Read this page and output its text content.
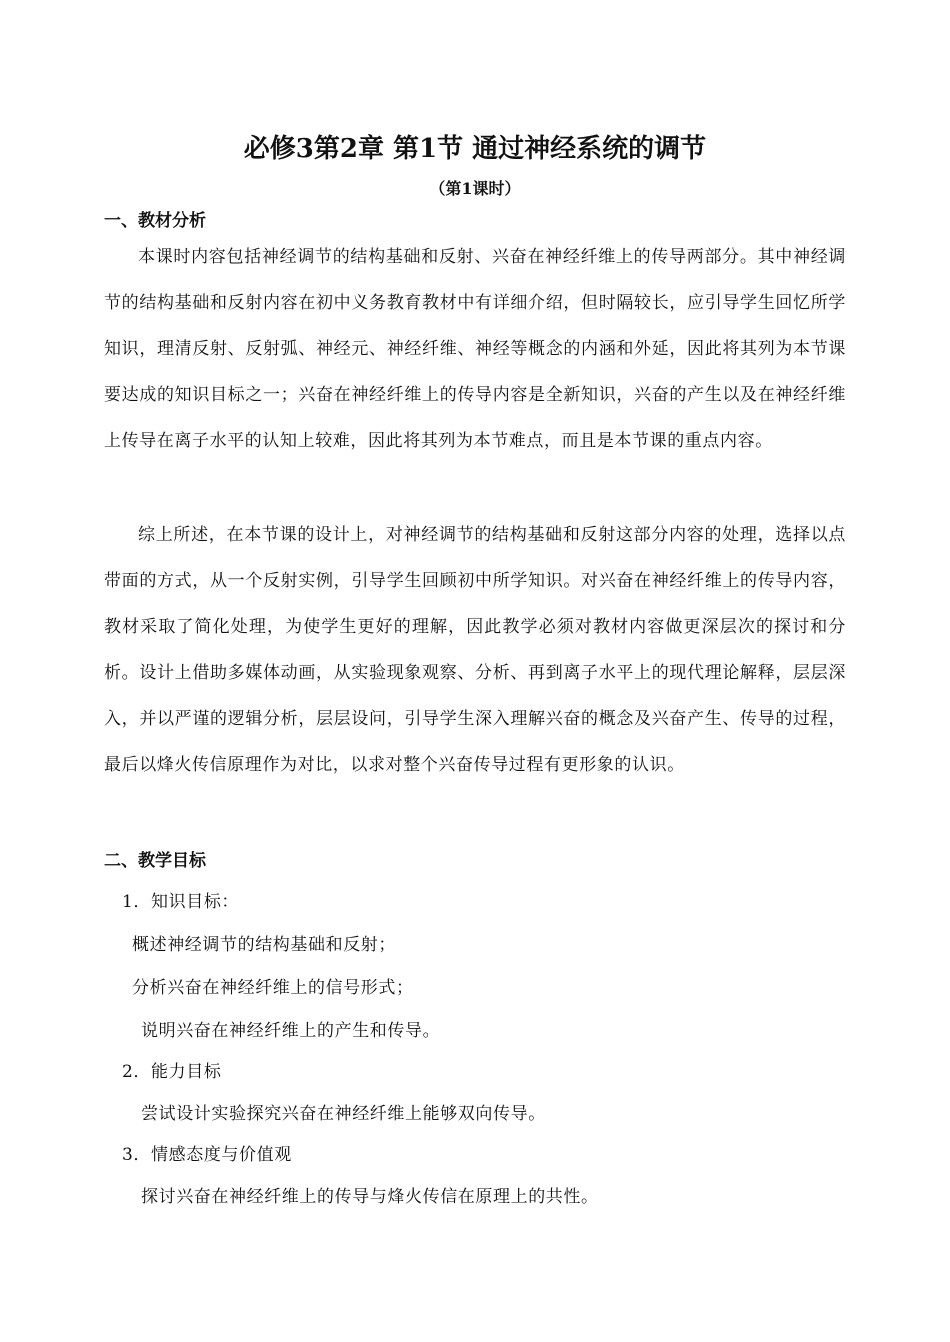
必修3第2章 第1节 通过神经系统的调节
（第1课时）
一、教材分析
本课时内容包括神经调节的结构基础和反射、兴奋在神经纤维上的传导两部分。其中神经调节的结构基础和反射内容在初中义务教育教材中有详细介绍，但时隔较长，应引导学生回忆所学知识，理清反射、反射弧、神经元、神经纤维、神经等概念的内涵和外延，因此将其列为本节课要达成的知识目标之一；兴奋在神经纤维上的传导内容是全新知识，兴奋的产生以及在神经纤维上传导在离子水平的认知上较难，因此将其列为本节难点，而且是本节课的重点内容。
综上所述，在本节课的设计上，对神经调节的结构基础和反射这部分内容的处理，选择以点带面的方式，从一个反射实例，引导学生回顾初中所学知识。对兴奋在神经纤维上的传导内容，教材采取了简化处理，为使学生更好的理解，因此教学必须对教材内容做更深层次的探讨和分析。设计上借助多媒体动画，从实验现象观察、分析、再到离子水平上的现代理论解释，层层深入，并以严谨的逻辑分析，层层设问，引导学生深入理解兴奋的概念及兴奋产生、传导的过程，最后以烽火传信原理作为对比，以求对整个兴奋传导过程有更形象的认识。
二、教学目标
1．知识目标：
概述神经调节的结构基础和反射；
分析兴奋在神经纤维上的信号形式；
说明兴奋在神经纤维上的产生和传导。
2．能力目标
尝试设计实验探究兴奋在神经纤维上能够双向传导。
3．情感态度与价值观
探讨兴奋在神经纤维上的传导与烽火传信在原理上的共性。
